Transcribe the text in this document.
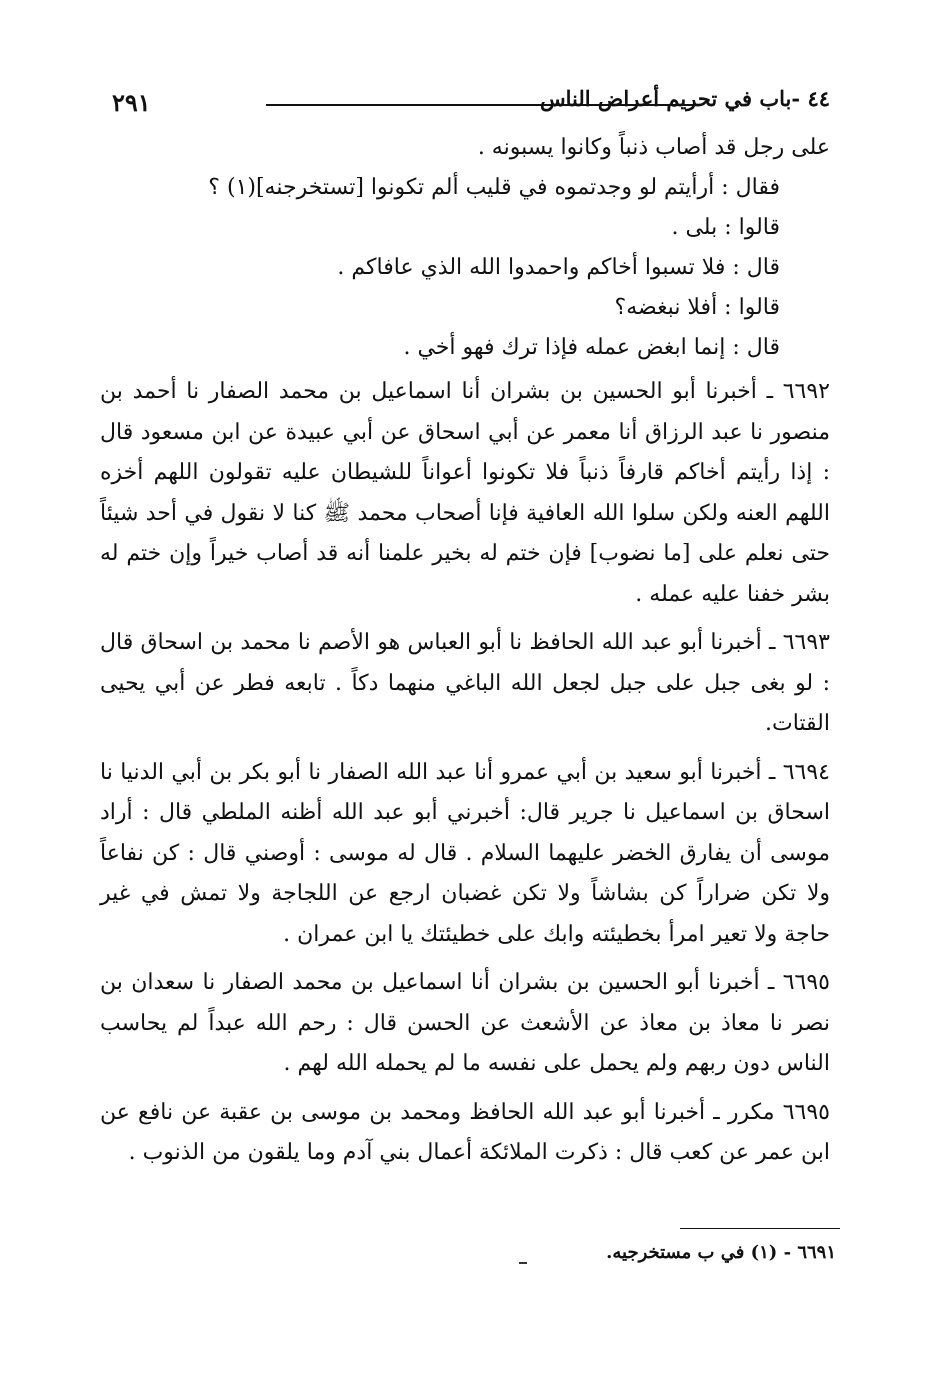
٢٩١	٤٤ -باب في تحريم أعراض الناس
على رجل قد أصاب ذنباً وكانوا يسبونه .
فقال : أرأيتم لو وجدتموه في قليب ألم تكونوا [تستخرجنه](١) ؟
قالوا : بلى .
قال : فلا تسبوا أخاكم واحمدوا الله الذي عافاكم .
قالوا : أفلا نبغضه؟
قال : إنما ابغض عمله فإذا ترك فهو أخي .

٦٦٩٢ ـ أخبرنا أبو الحسين بن بشران أنا اسماعيل بن محمد الصفار نا أحمد بن منصور نا عبد الرزاق أنا معمر عن أبي اسحاق عن أبي عبيدة عن ابن مسعود قال : إذا رأيتم أخاكم قارفاً ذنباً فلا تكونوا أعواناً للشيطان عليه تقولون اللهم أخزه اللهم العنه ولكن سلوا الله العافية فإنا أصحاب محمد ﷺ كنا لا نقول في أحد شيئاً حتى نعلم على [ما نضوب] فإن ختم له بخير علمنا أنه قد أصاب خيراً وإن ختم له بشر خفنا عليه عمله .

٦٦٩٣ ـ أخبرنا أبو عبد الله الحافظ نا أبو العباس هو الأصم نا محمد بن اسحاق قال : لو بغى جبل على جبل لجعل الله الباغي منهما دكاً . تابعه فطر عن أبي يحيى القتات.

٦٦٩٤ ـ أخبرنا أبو سعيد بن أبي عمرو أنا عبد الله الصفار نا أبو بكر بن أبي الدنيا نا اسحاق بن اسماعيل نا جرير قال: أخبرني أبو عبد الله أظنه الملطي قال : أراد موسى أن يفارق الخضر عليهما السلام . قال له موسى : أوصني قال : كن نفاعاً ولا تكن ضراراً كن بشاشاً ولا تكن غضبان ارجع عن اللجاجة ولا تمش في غير حاجة ولا تعير امرأ بخطيئته وابك على خطيئتك يا ابن عمران .

٦٦٩٥ ـ أخبرنا أبو الحسين بن بشران أنا اسماعيل بن محمد الصفار نا سعدان بن نصر نا معاذ بن معاذ عن الأشعث عن الحسن قال : رحم الله عبداً لم يحاسب الناس دون ربهم ولم يحمل على نفسه ما لم يحمله الله لهم .

٦٦٩٥ مكرر ـ أخبرنا أبو عبد الله الحافظ ومحمد بن موسى بن عقبة عن نافع عن ابن عمر عن كعب قال : ذكرت الملائكة أعمال بني آدم وما يلقون من الذنوب .

٦٦٩١ - (١) في ب مستخرجيه.
